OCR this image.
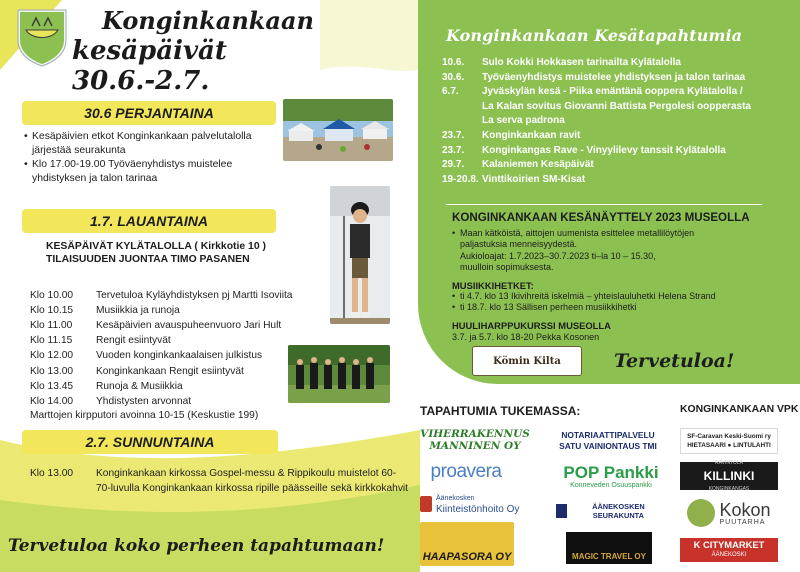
Konginkankaan
kesäpäivät 30.6.-2.7.
30.6 PERJANTAINA
• Kesäpäivien etkot Konginkankaan palvelutalolla järjestää seurakunta
• Klo 17.00-19.00 Työväenyhdistys muistelee yhdistyksen ja talon tarinaa
1.7. LAUANTAINA
KESÄPÄIVÄT KYLÄTALOLLA ( Kirkkotie 10 )
TILAISUUDEN JUONTAA TIMO PASANEN
Klo 10.00	Tervetuloa Kyläyhdistyksen pj Martti Isoviita
Klo 10.15	Musiikkia ja runoja
Klo 11.00	Kesäpäivien avauspuheenvuoro Jari Hult
Klo 11.15	Rengit esiintyvät
Klo 12.00	Vuoden konginkankaalaisen julkistus
Klo 13.00	Konginkankaan Rengit esiintyvät
Klo 13.45	Runoja & Musiikkia
Klo 14.00	Yhdistysten arvonnat
Marttojen kirpputori avoinna 10-15 (Keskustie 199)
2.7. SUNNUNTAINA
Klo 13.00	Konginkankaan kirkossa Gospel-messu & Rippikoulu muistelot 60-70-luvulla Konginkankaan kirkossa ripille päässeille sekä kirkkokahvit
Tervetuloa koko perheen tapahtumaan!
Konginkankaan Kesätapahtumia
10.6.	Sulo Kokki Hokkasen tarinailta Kylätalolla
30.6.	Työväenyhdistys muistelee yhdistyksen ja talon tarinaa
6.7.	Jyväskylän kesä - Piika emäntänä ooppera Kylätalolla /
La Kalan sovitus Giovanni Battista Pergolesi oopperasta
La serva padrona
23.7.	Konginkankaan ravit
23.7.	Konginkangas Rave - Vinyylilevy tanssit Kylätalolla
29.7.	Kalaniemen Kesäpäivät
19-20.8. Vinttikoirien SM-Kisat
KONGINKANKAAN KESÄNÄYTTELY 2023 MUSEOLLA
• Maan kätköistä, aittojen uumenista esittelee metallilöytöjen
paljastuksia menneisyydestä.
Aukioloajat: 1.7.2023–30.7.2023 ti–la 10 – 15.30,
muulloin sopimuksesta.
MUSIIKKIHETKET:
• ti 4.7. klo 13 Ikivihreitä iskelmiä – yhteislauluhetki Helena Strand
• ti 18.7. klo 13 Sällisen perheen musiikkihetki
HUULIHARPPUKURSSI MUSEOLLA
3.7. ja 5.7. klo 18-20 Pekka Kosonen
Kömin Kilta	Tervetuloa!
TAPAHTUMIA TUKEMASSA:	KONGINKANKAAN VPK
VIHERRAKENNUS
MANNINEN OY
NOTARIAATTIPALVELU
SATU VAINIONTAUS TMI
proavera	POP Pankki
Konneveden Osuuspankki
Äänekosken
Kiinteistönhoito Oy	ÄÄNEKOSKEN SEURAKUNTA
HAAPASORA OY	MAGIC TRAVEL OY
SF-Caravan Keski-Suomi ry
HIETASAARI ● LINTULAHTI
RAVINTOLA
KILLINKI
KONGINKANGAS
Kokon
PUUTARHA
K CITYMARKET
ÄÄNEKOSKI
